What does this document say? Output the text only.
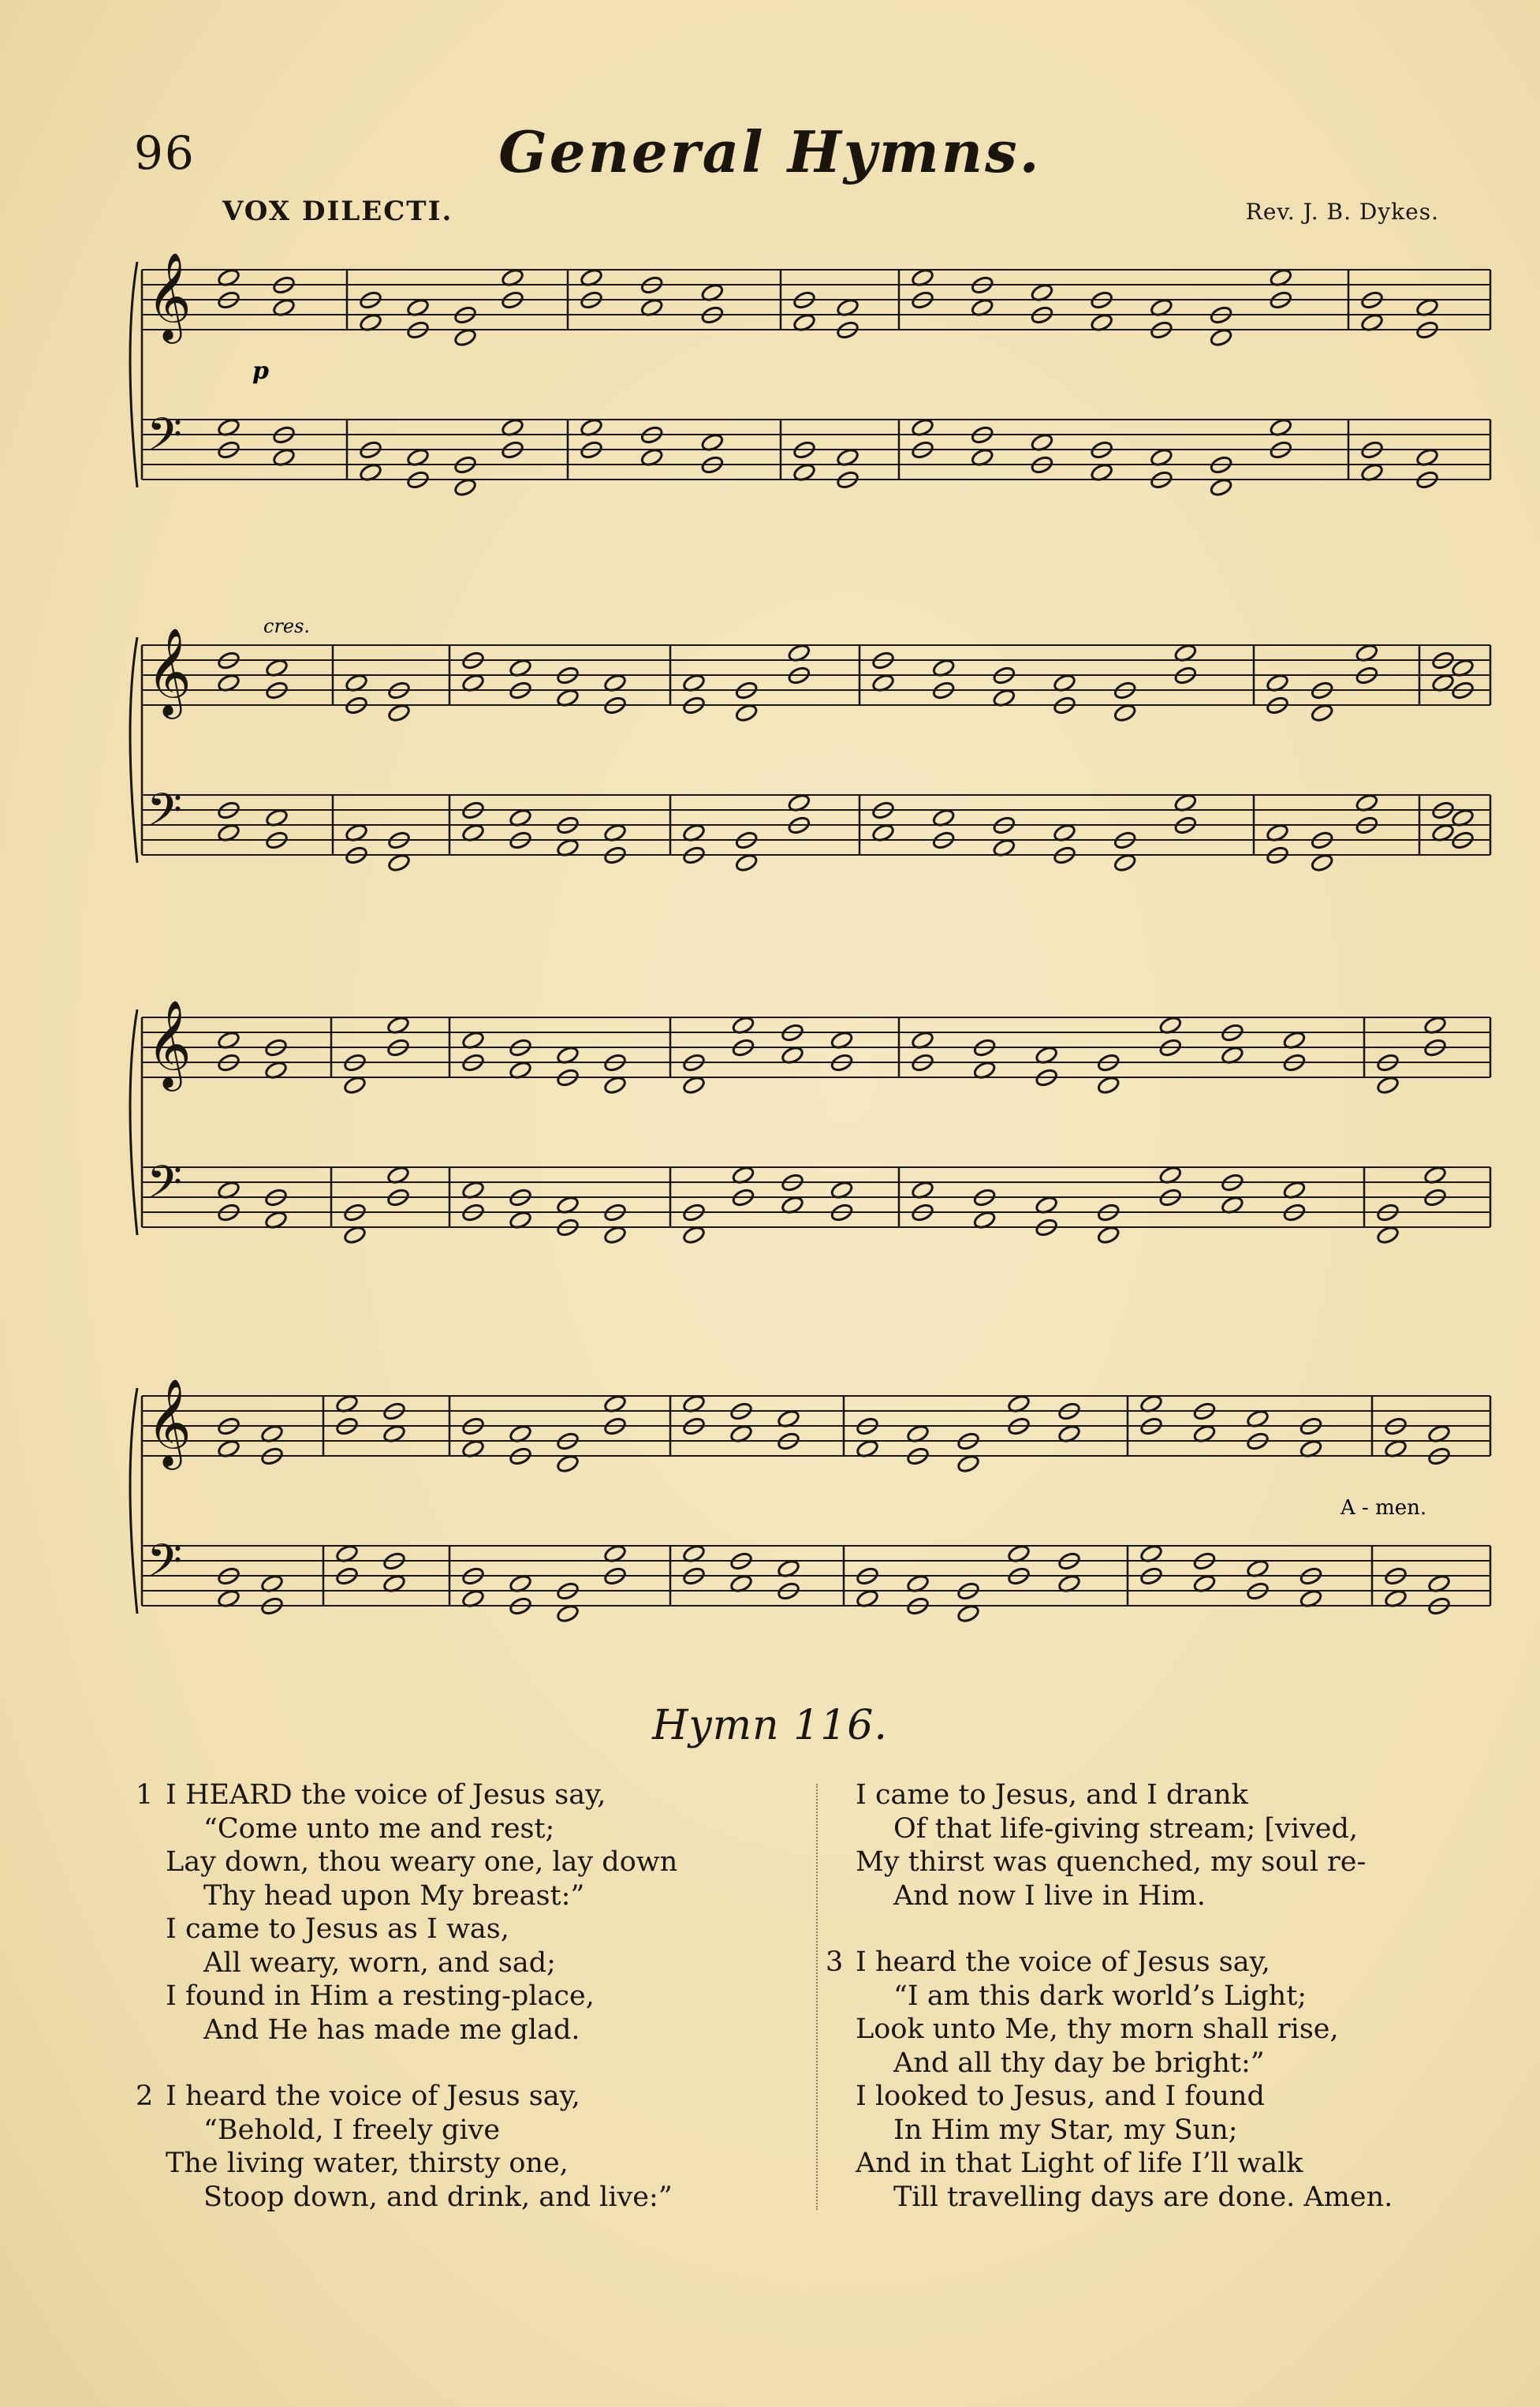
96	General Hymns.
VOX DILECTI.	Rev. J. B. Dykes.
𝄞
𝄢
𝄞
𝄢
𝄞
𝄢
𝄞
𝄢
p
cres.
A - men.
Hymn 116.
1 I HEARD the voice of Jesus say,
“Come unto me and rest;
Lay down, thou weary one, lay down
Thy head upon My breast:”
I came to Jesus as I was,
All weary, worn, and sad;
I found in Him a resting-place,
And He has made me glad.
2 I heard the voice of Jesus say,
“Behold, I freely give
The living water, thirsty one,
Stoop down, and drink, and live:”
I came to Jesus, and I drank
Of that life-giving stream; [vived,
My thirst was quenched, my soul re-
And now I live in Him.
3 I heard the voice of Jesus say,
“I am this dark world’s Light;
Look unto Me, thy morn shall rise,
And all thy day be bright:”
I looked to Jesus, and I found
In Him my Star, my Sun;
And in that Light of life I’ll walk
Till travelling days are done. Amen.
